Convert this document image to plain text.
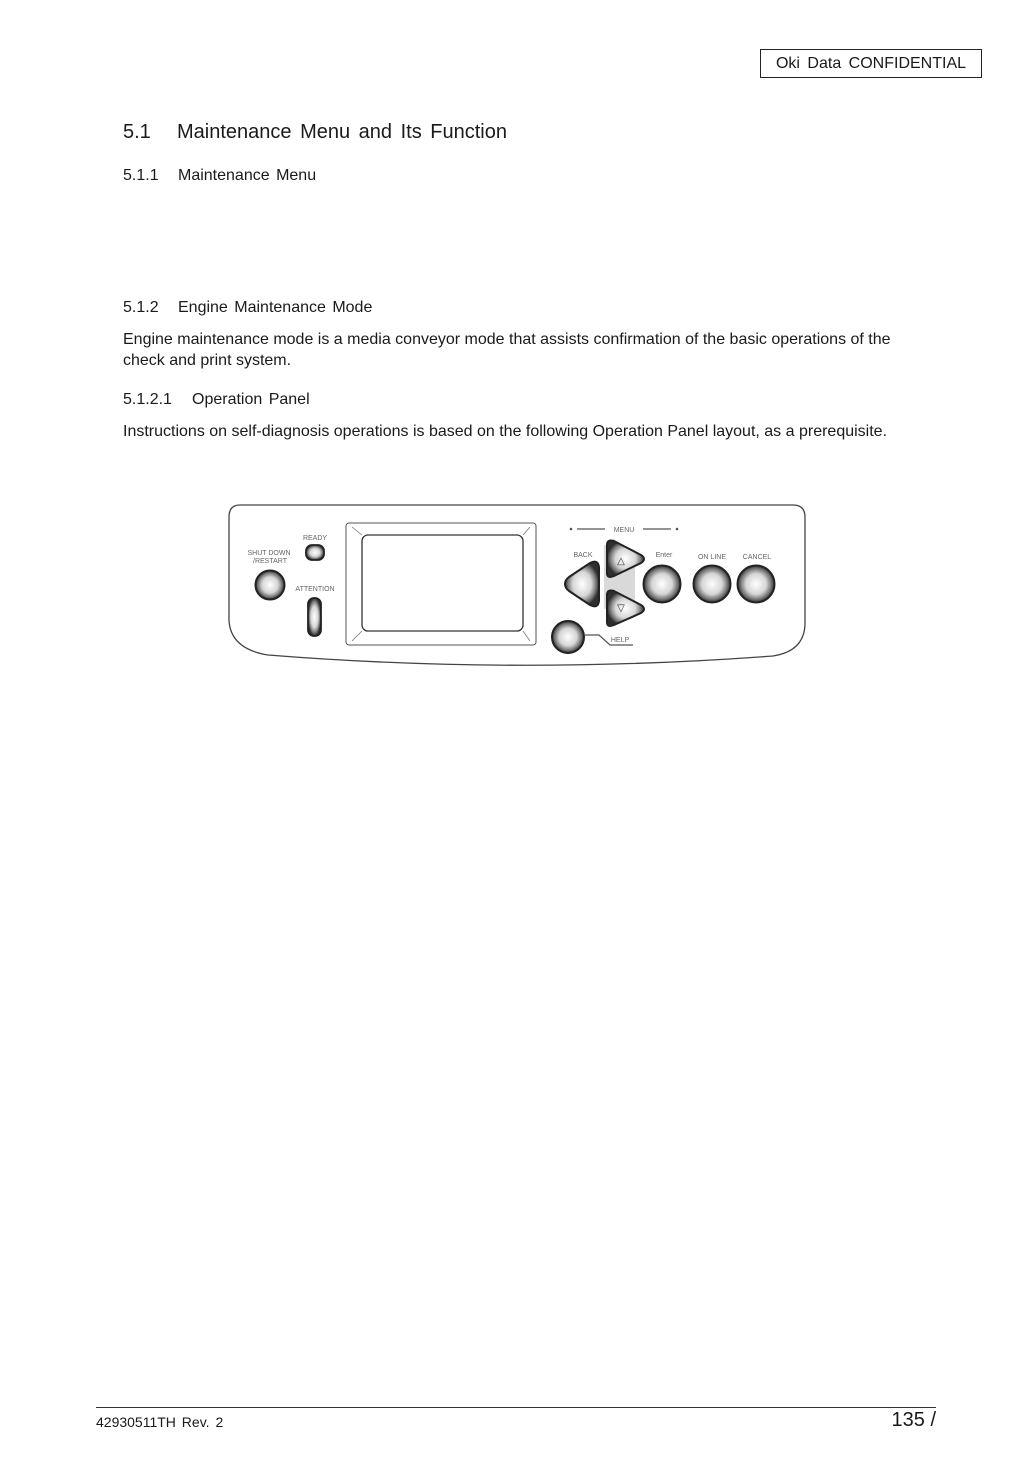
Oki Data CONFIDENTIAL
5.1 Maintenance Menu and Its Function
5.1.1 Maintenance Menu
5.1.2 Engine Maintenance Mode

Engine maintenance mode is a media conveyor mode that assists confirmation of the basic operations of the check and print system.

5.1.2.1 Operation Panel

Instructions on self-diagnosis operations is based on the following Operation Panel layout, as a prerequisite.

SHUT DOWN
/RESTART
READY
ATTENTION
MENU
BACK
△
▽
Enter	ON LINE CANCEL
HELP
42930511TH Rev. 2	135 /
